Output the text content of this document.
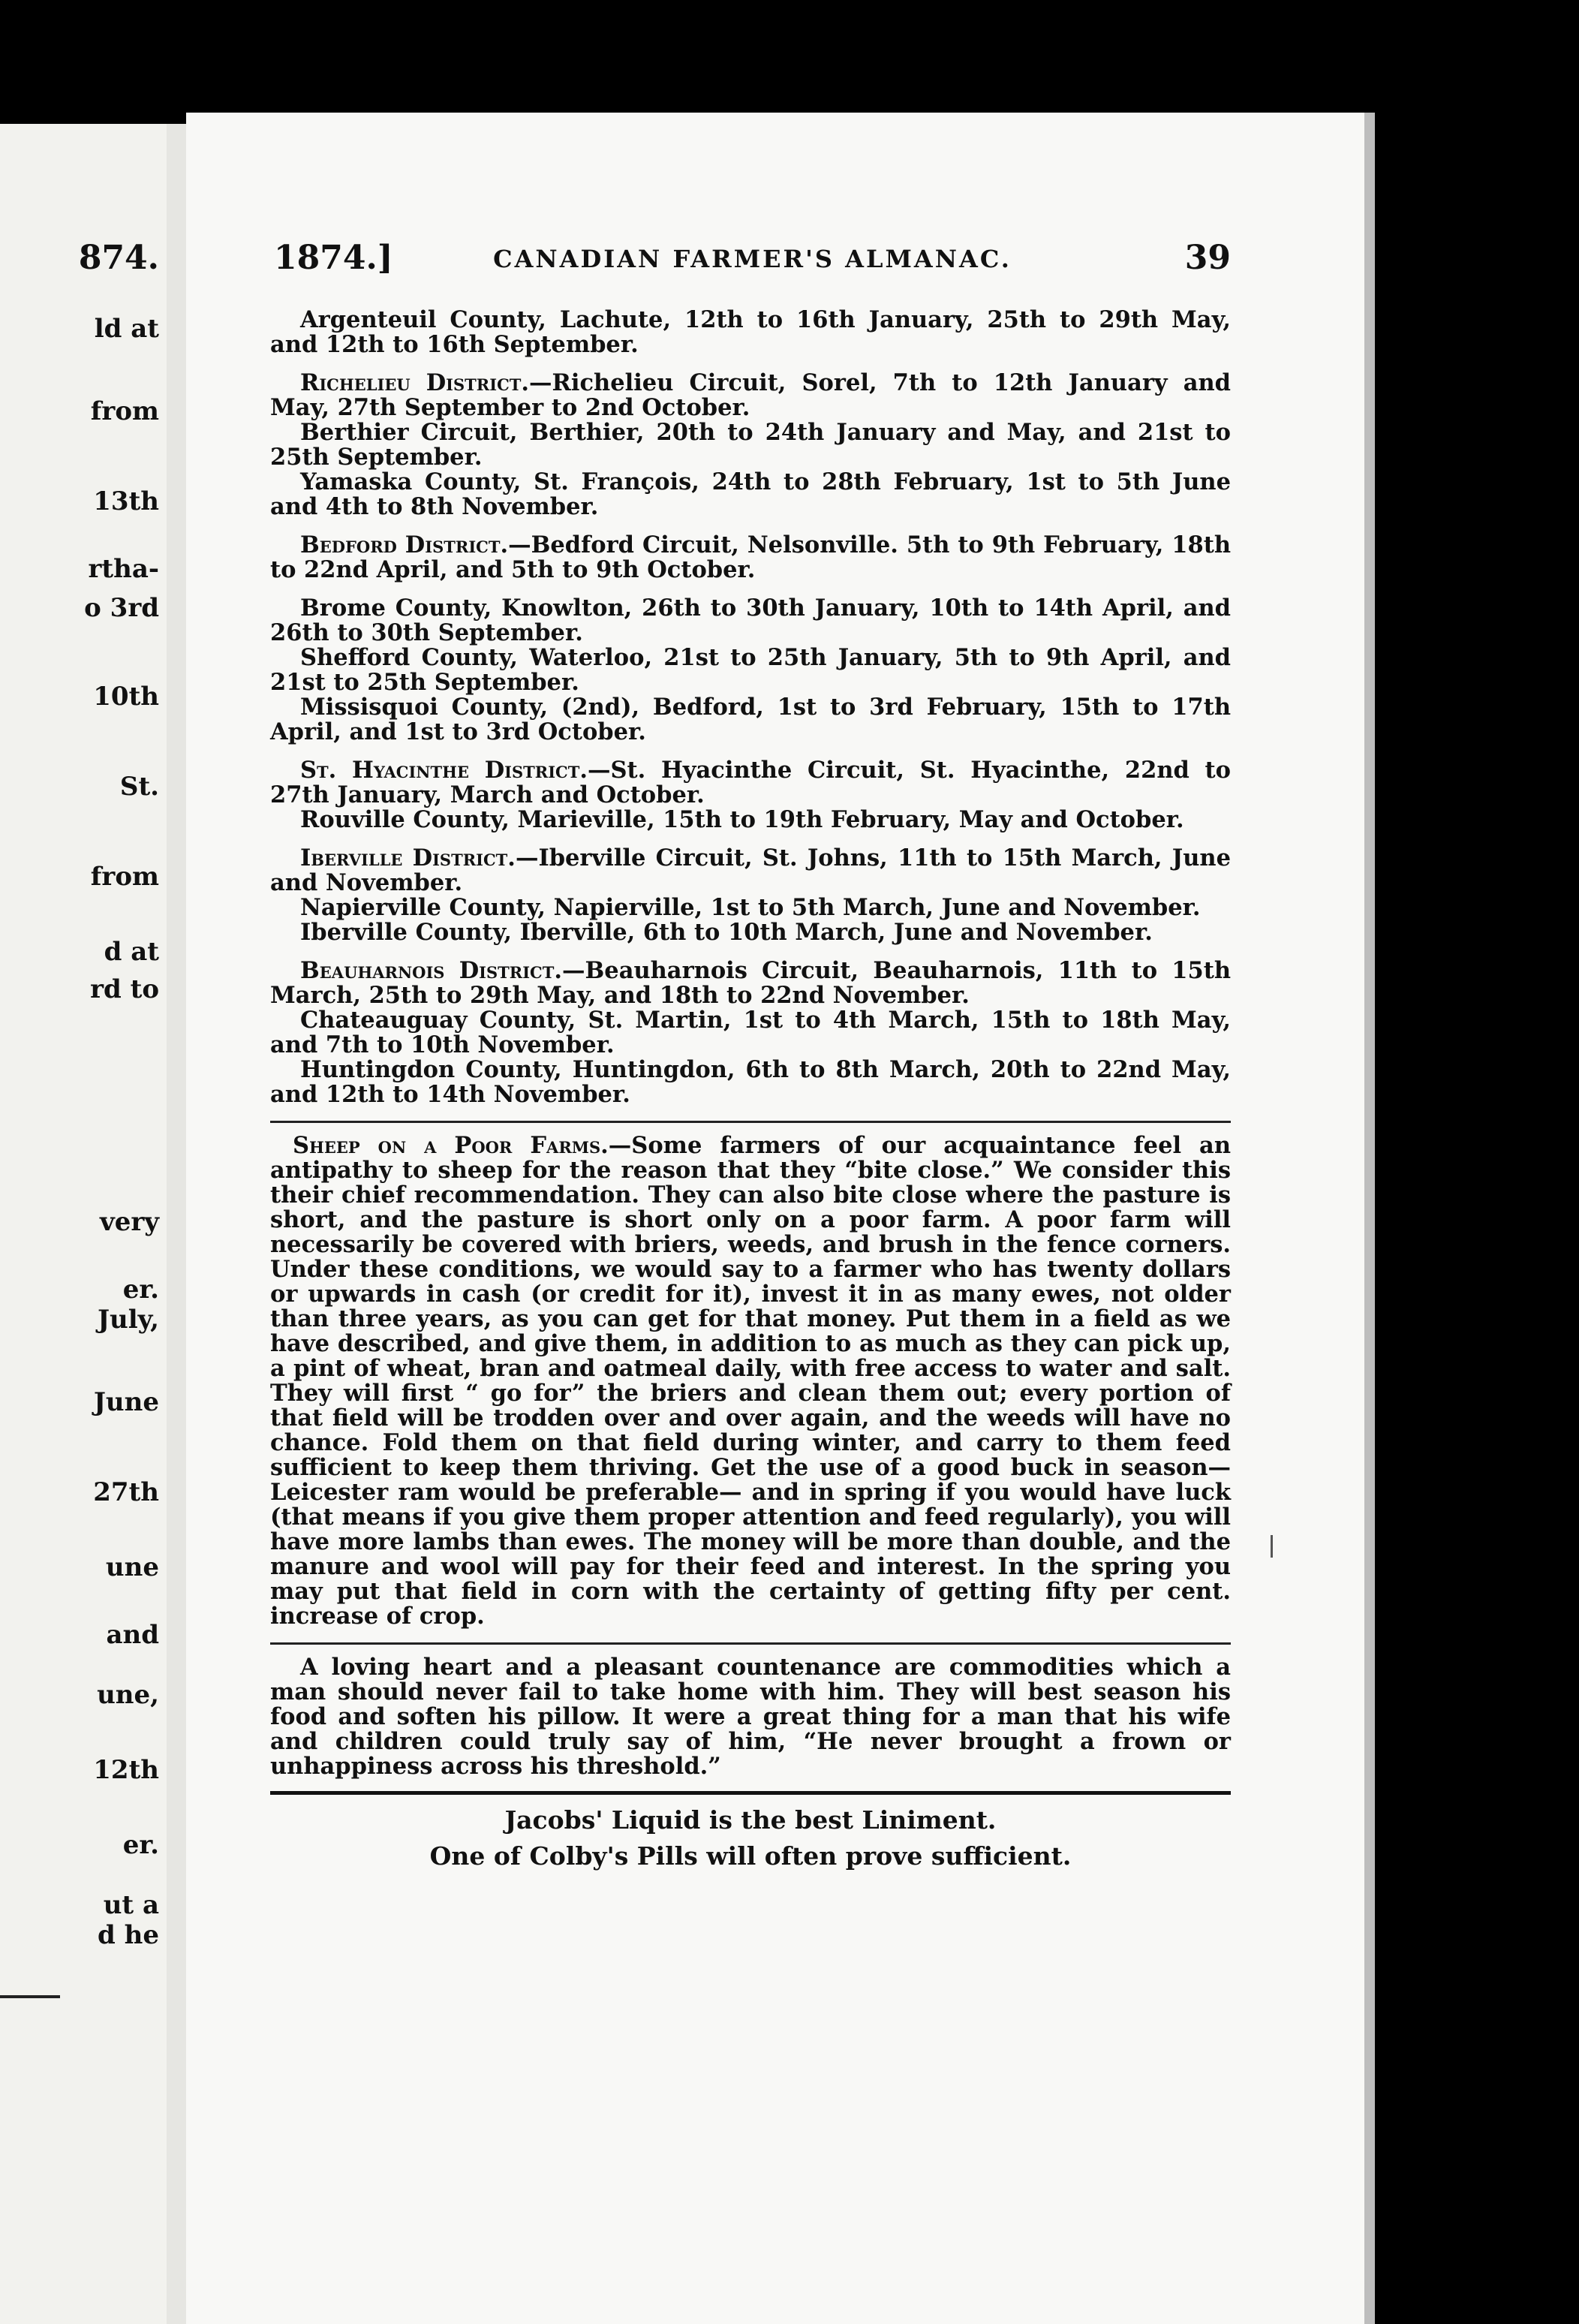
874.
ld at
from
13th
rtha-
o 3rd
10th
St.
from
d at
rd to
very
er.
July,
June
27th
une
and
une,
12th
er.
ut a
d he
1874.]	CANADIAN FARMER'S ALMANAC.	39

Argenteuil County, Lachute, 12th to 16th January, 25th to 29th May, and 12th to 16th September.

Richelieu District.—Richelieu Circuit, Sorel, 7th to 12th January and May, 27th September to 2nd October.

Berthier Circuit, Berthier, 20th to 24th January and May, and 21st to 25th September.

Yamaska County, St. François, 24th to 28th February, 1st to 5th June and 4th to 8th November.

Bedford District.—Bedford Circuit, Nelsonville. 5th to 9th February, 18th to 22nd April, and 5th to 9th October.

Brome County, Knowlton, 26th to 30th January, 10th to 14th April, and 26th to 30th September.

Shefford County, Waterloo, 21st to 25th January, 5th to 9th April, and 21st to 25th September.

Missisquoi County, (2nd), Bedford, 1st to 3rd February, 15th to 17th April, and 1st to 3rd October.

St. Hyacinthe District.—St. Hyacinthe Circuit, St. Hyacinthe, 22nd to 27th January, March and October.

Rouville County, Marieville, 15th to 19th February, May and October.

Iberville District.—Iberville Circuit, St. Johns, 11th to 15th March, June and November.

Napierville County, Napierville, 1st to 5th March, June and November.

Iberville County, Iberville, 6th to 10th March, June and November.

Beauharnois District.—Beauharnois Circuit, Beauharnois, 11th to 15th March, 25th to 29th May, and 18th to 22nd November.

Chateauguay County, St. Martin, 1st to 4th March, 15th to 18th May, and 7th to 10th November.

Huntingdon County, Huntingdon, 6th to 8th March, 20th to 22nd May, and 12th to 14th November.

Sheep on a Poor Farms.—Some farmers of our acquaintance feel an antipathy to sheep for the reason that they “bite close.” We consider this their chief recommendation. They can also bite close where the pasture is short, and the pasture is short only on a poor farm. A poor farm will necessarily be covered with briers, weeds, and brush in the fence corners. Under these conditions, we would say to a farmer who has twenty dollars or upwards in cash (or credit for it), invest it in as many ewes, not older than three years, as you can get for that money. Put them in a field as we have described, and give them, in addition to as much as they can pick up, a pint of wheat, bran and oatmeal daily, with free access to water and salt. They will first “ go for” the briers and clean them out; every portion of that field will be trodden over and over again, and the weeds will have no chance. Fold them on that field during winter, and carry to them feed sufficient to keep them thriving. Get the use of a good buck in season—Leicester ram would be preferable— and in spring if you would have luck (that means if you give them proper attention and feed regularly), you will have more lambs than ewes. The money will be more than double, and the manure and wool will pay for their feed and interest. In the spring you may put that field in corn with the certainty of getting fifty per cent. increase of crop.

A loving heart and a pleasant countenance are commodities which a man should never fail to take home with him. They will best season his food and soften his pillow. It were a great thing for a man that his wife and children could truly say of him, “He never brought a frown or unhappiness across his threshold.”

Jacobs' Liquid is the best Liniment.
One of Colby's Pills will often prove sufficient.
